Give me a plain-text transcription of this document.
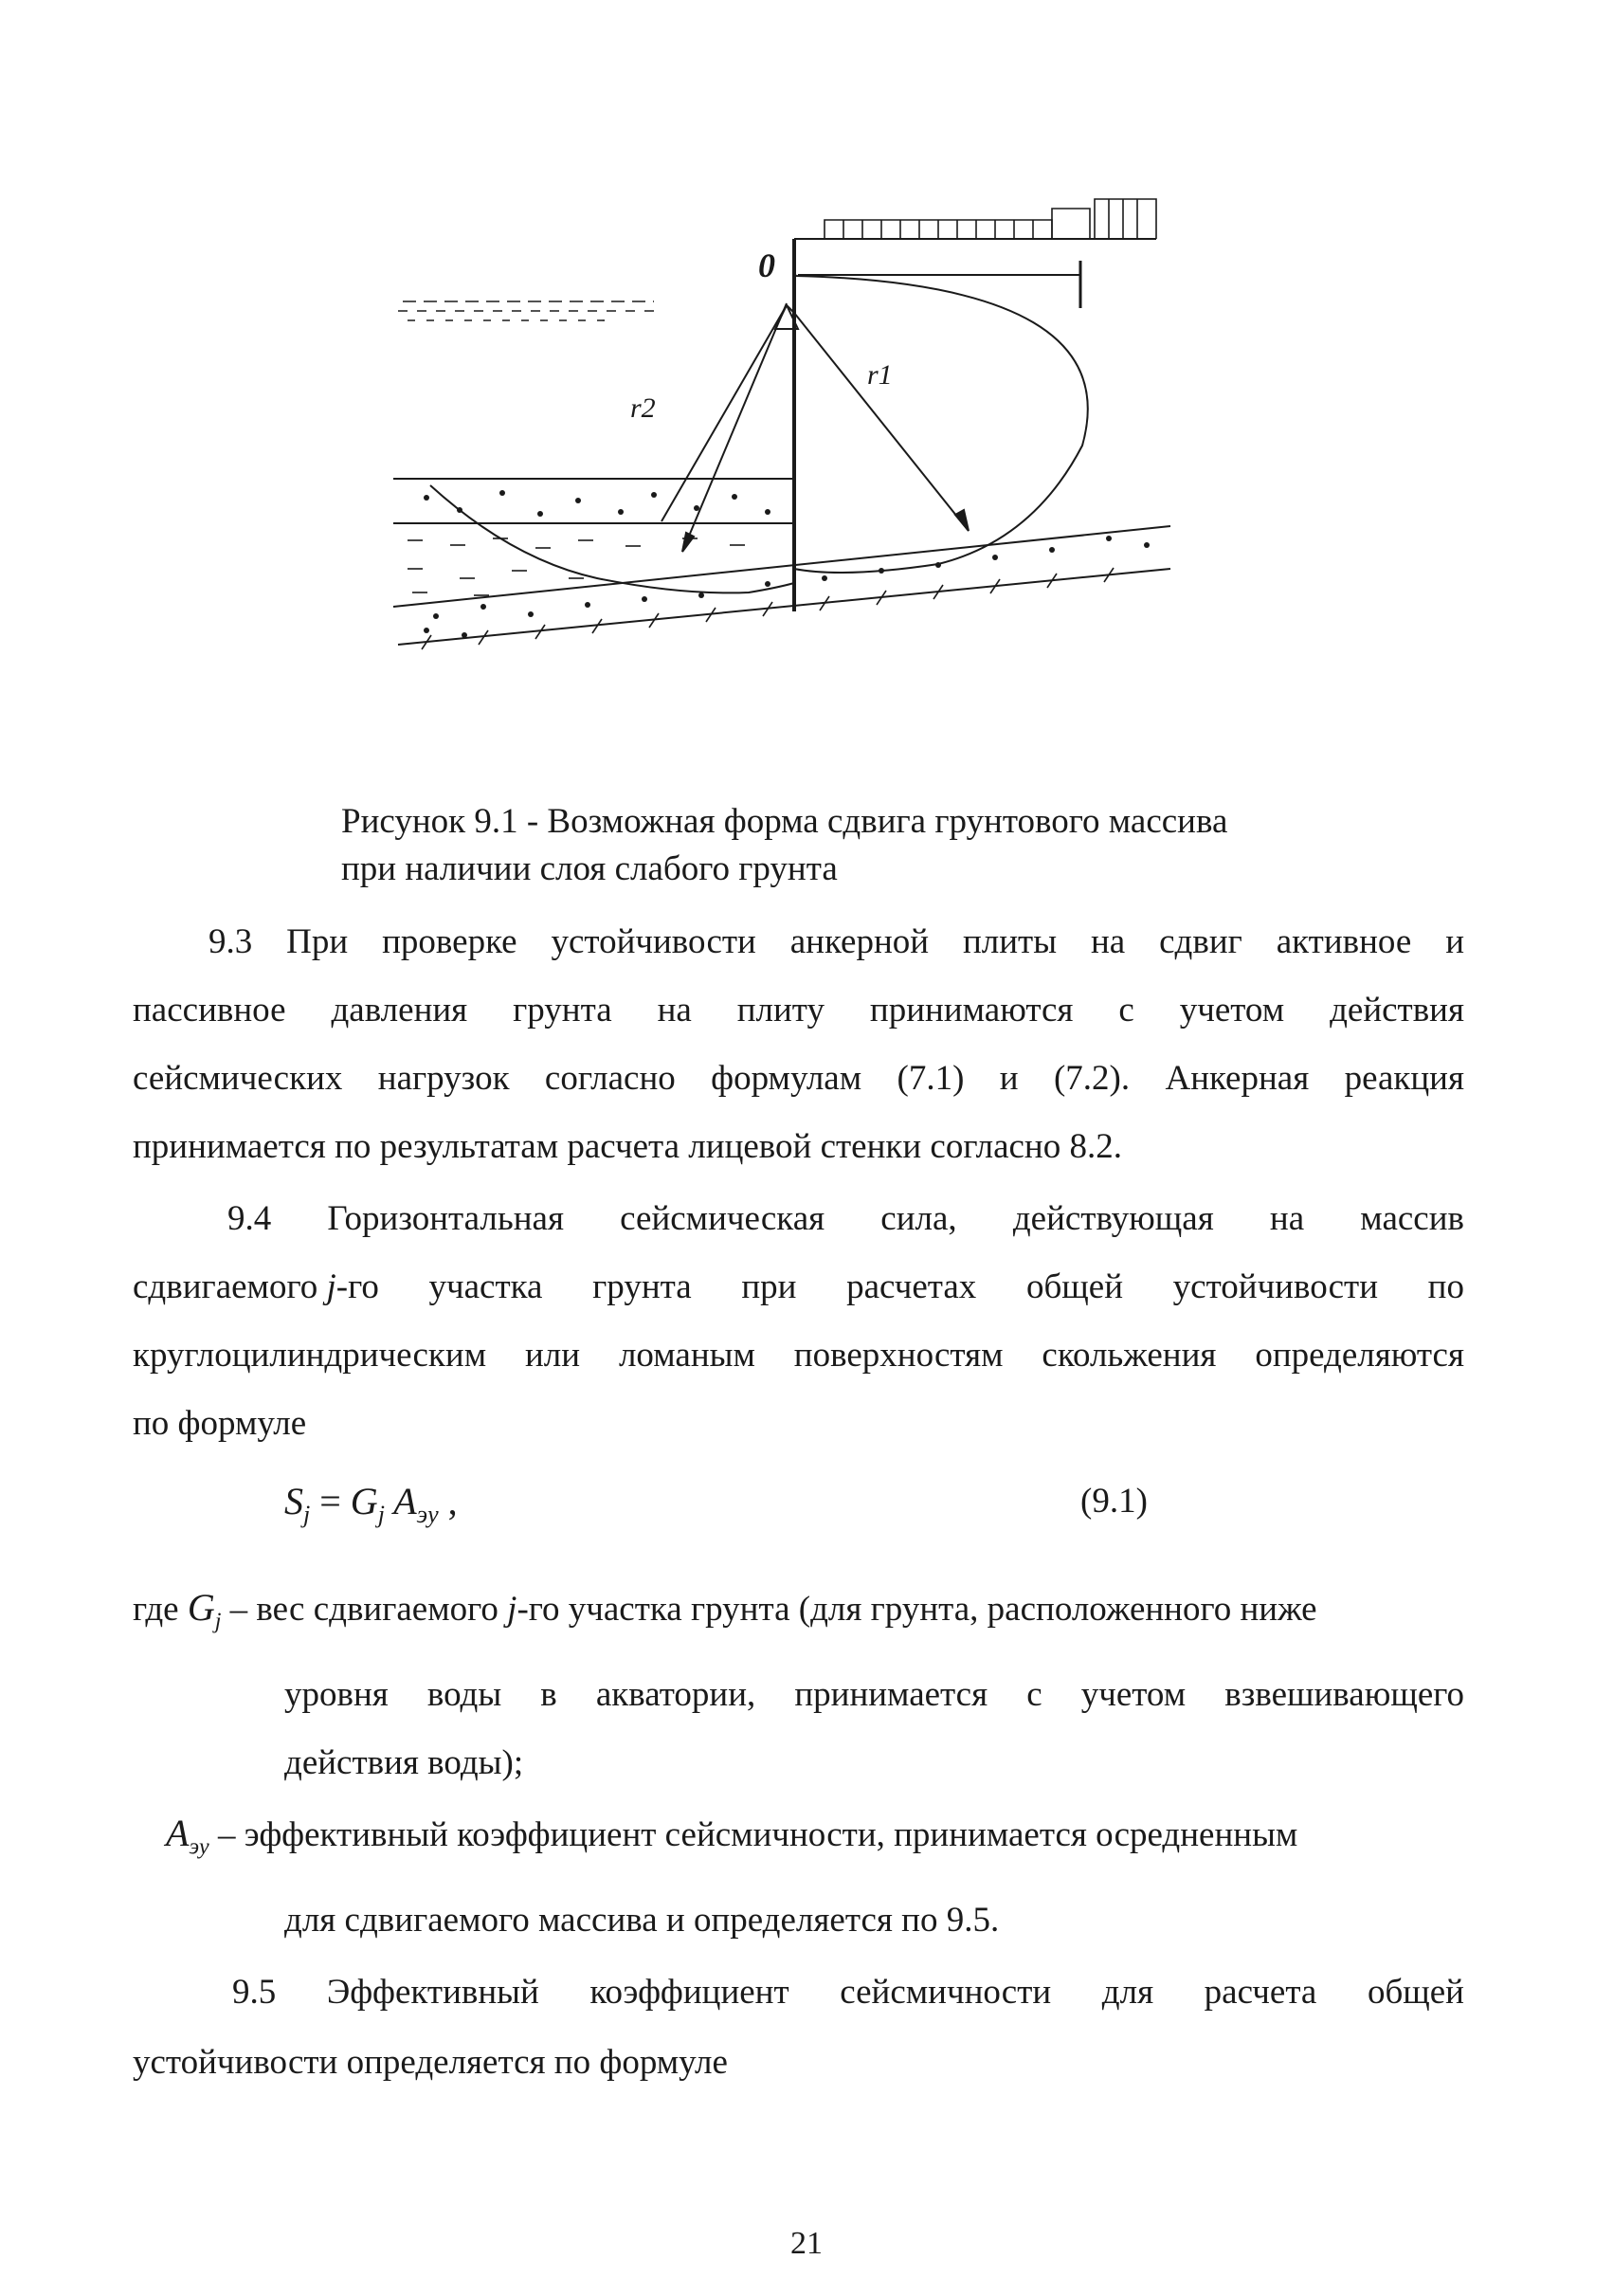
0
r1
r2
Рисунок 9.1 - Возможная форма сдвига грунтового массива
при наличии слоя слабого грунта
9.3 При проверке устойчивости анкерной плиты на сдвиг активное и
пассивное давления грунта на плиту принимаются с учетом действия
сейсмических нагрузок согласно формулам (7.1) и (7.2). Анкерная реакция
принимается по результатам расчета лицевой стенки согласно 8.2.
9.4 Горизонтальная сейсмическая сила, действующая на массив
сдвигаемого j -го участка грунта при расчетах общей устойчивости по
круглоцилиндрическим или ломаным поверхностям скольжения определяются
по формуле
$S_j = G_j$ $A_{эу}$ ,	(9.1)
где $G_j$ – вес сдвигаемого j-го участка грунта (для грунта, расположенного ниже
уровня воды в акватории, принимается с учетом взвешивающего
действия воды);
$A_{эу}$ – эффективный коэффициент сейсмичности, принимается осредненным
для сдвигаемого массива и определяется по 9.5.
9.5 Эффективный коэффициент сейсмичности для расчета общей
устойчивости определяется по формуле
21
